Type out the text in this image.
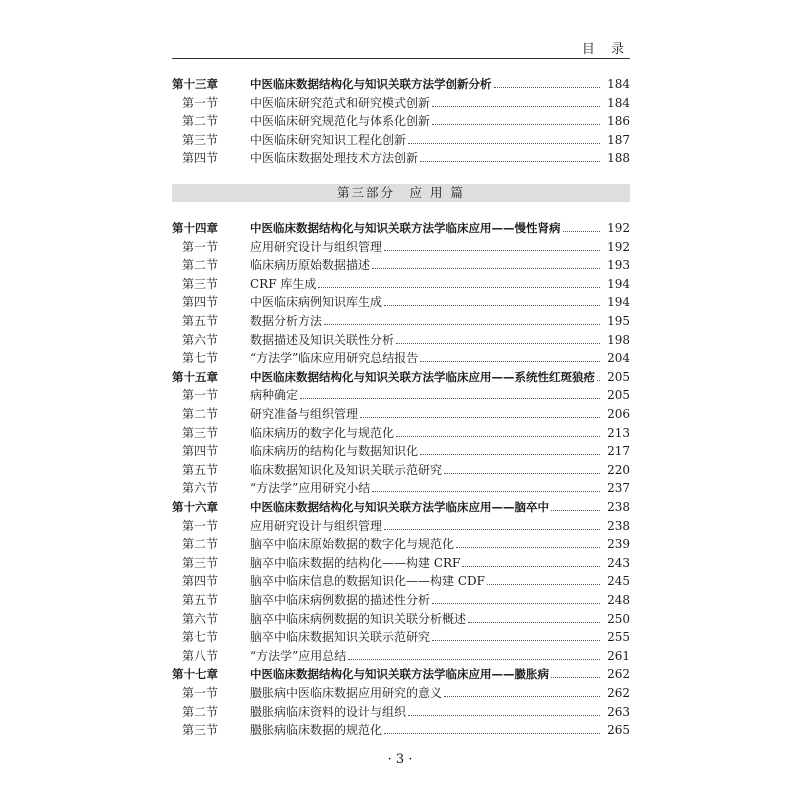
目 录
第十三章	中医临床数据结构化与知识关联方法学创新分析	184
第一节	中医临床研究范式和研究模式创新	184
第二节	中医临床研究规范化与体系化创新	186
第三节	中医临床研究知识工程化创新	187
第四节	中医临床数据处理技术方法创新	188
第三部分　应 用 篇
第十四章	中医临床数据结构化与知识关联方法学临床应用——慢性肾病	192
第一节	应用研究设计与组织管理	192
第二节	临床病历原始数据描述	193
第三节	CRF 库生成	194
第四节	中医临床病例知识库生成	194
第五节	数据分析方法	195
第六节	数据描述及知识关联性分析	198
第七节	“方法学”临床应用研究总结报告	204
第十五章	中医临床数据结构化与知识关联方法学临床应用——系统性红斑狼疮 205
第一节	病种确定	205
第二节	研究准备与组织管理	206
第三节	临床病历的数字化与规范化	213
第四节	临床病历的结构化与数据知识化	217
第五节	临床数据知识化及知识关联示范研究	220
第六节	“方法学”应用研究小结	237
第十六章	中医临床数据结构化与知识关联方法学临床应用——脑卒中	238
第一节	应用研究设计与组织管理	238
第二节	脑卒中临床原始数据的数字化与规范化	239
第三节	脑卒中临床数据的结构化——构建 CRF	243
第四节	脑卒中临床信息的数据知识化——构建 CDF	245
第五节	脑卒中临床病例数据的描述性分析	248
第六节	脑卒中临床病例数据的知识关联分析概述	250
第七节	脑卒中临床数据知识关联示范研究	255
第八节	“方法学”应用总结	261
第十七章	中医临床数据结构化与知识关联方法学临床应用——臌胀病	262
第一节	臌胀病中医临床数据应用研究的意义	262
第二节	臌胀病临床资料的设计与组织	263
第三节	臌胀病临床数据的规范化	265
· 3 ·
